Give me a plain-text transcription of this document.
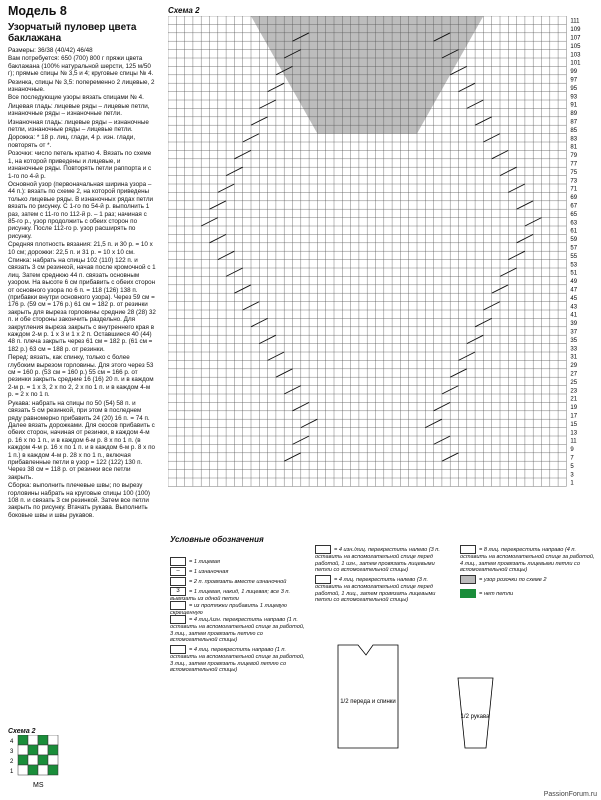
Модель 8
Узорчатый пуловер цвета баклажана
Размеры: 36/38 (40/42) 46/48
Вам потребуется: 650 (700) 800 г пряжи цвета баклажана (100% натуральной шерсти, 125 м/50 г); прямые спицы № 3,5 и 4; круговые спицы № 4.
Резинка, спицы № 3,5: попеременно 2 лицевые, 2 изнаночные.
Все последующие узоры вязать спицами № 4.
Лицевая гладь: лицевые ряды – лицевые петли, изнаночные ряды – изнаночные петли.
Изнаночная гладь: лицевые ряды – изнаночные петли, изнаночные ряды – лицевые петли.
Дорожка: * 18 р. лиц. глади, 4 р. изн. глади, повторять от *.
Розочки: число петель кратно 4. Вязать по схеме 1, на которой приведены и лицевые, и изнаночные ряды. Повторять петли раппорта и с 1-го по 4-й р.
Основной узор (первоначальная ширина узора – 44 п.): вязать по схеме 2, на которой приведены только лицевые ряды. В изнаночных рядах петли вязать по рисунку. С 1-го по 54-й р. выполнить 1 раз, затем с 11-го по 112-й р. – 1 раз; начиная с 85-го р., узор продолжить с обеих сторон по рисунку. После 112-го р. узор расширять по рисунку.
Средняя плотность вязания: 21,5 п. и 30 р. = 10 х 10 см; дорожки: 22,5 п. и 31 р. = 10 х 10 см.
Спинка: набрать на спицы 102 (110) 122 п. и связать 3 см резинкой, начав после кромочной с 1 лиц. Затем среднюю 44 п. связать основным узором. На высоте 6 см прибавить с обеих сторон от основного узора по 6 п. = 118 (126) 138 п. (прибавки внутри основного узора). Через 59 см = 176 р. (59 см = 176 р.) 61 см = 182 р. от резинки закрыть для выреза горловины средние 28 (28) 32 п. и обе стороны закончить раздельно. Для закругления выреза закрыть с внутреннего края в каждом 2-м р. 1 х 3 и 1 х 2 п. Оставшиеся 40 (44) 48 п. плеча закрыть через 61 см = 182 р. (61 см = 182 р.) 63 см = 188 р. от резинки.
Перед: вязать, как спинку, только с более глубоким вырезом горловины. Для этого через 53 см = 160 р. (53 см = 160 р.) 55 см = 166 р. от резинки закрыть средние 16 (16) 20 п. и в каждом 2-м р. = 1 х 3, 2 х по 2, 2 х по 1 п. и в каждом 4-м р. = 2 х по 1 п.
Рукава: набрать на спицы по 50 (54) 58 п. и связать 5 см резинкой, при этом в последнем ряду равномерно прибавить 24 (20) 16 п. = 74 п. Далее вязать дорожками. Для скосов прибавить с обеих сторон, начиная от резинки, в каждом 4-м р. 16 х по 1 п., и в каждом 6-м р. 8 х по 1 п. (в каждом 4-м р. 16 х по 1 п. и в каждом 6-м р. 8 х по 1 п.) в каждом 4-м р. 28 х по 1 п., включая прибавленные петли в узор = 122 (122) 130 п. Через 38 см = 118 р. от резинки все петли закрыть.
Сборка: выполнить плечевые швы; по вырезу горловины набрать на круговые спицы 100 (100) 108 п. и связать 3 см резинкой. Затем все петли закрыть по рисунку. Втачать рукава. Выполнить боковые швы и швы рукавов.
Схема 2
111
109
107
105
103
101
99
97
95
93
91
89
87
85
83
81
79
77
75
73
71
69
67
65
63
61
59
57
55
53
51
49
47
45
43
41
39
37
35
33
31
29
27
25
23
21
19
17
15
13
11
9
7
5
3
1
Условные обозначения
= 1 лицевая
– = 1 изнаночная
= 2 п. провязать вместе изнаночной
3 = 1 лицевая, накид, 1 лицевая; все 3 п. вывязать из одной петли
= из протяжки прибавить 1 лицевую скрещенную
= 4 лиц./изн. перекрестить направо (1 п. оставить на вспомогательной спице за работой, 3 лиц., затем провязать петлю со вспомогательной спицы)
= 4 лиц. перекрестить направо (1 п. оставить на вспомогательной спице за работой, 3 лиц., затем провязать лицевой петлю со вспомогательной спицы)
= 4 изн./лиц. перекрестить налево (3 п. оставить на вспомогательной спице перед работой, 1 изн., затем провязать лицевыми петли со вспомогательной спицы)
= 4 лиц. перекрестить налево (3 п. оставить на вспомогательной спице перед работой, 1 лиц., затем провязать лицевыми петли со вспомогательной спицы)
= 8 лиц. перекрестить направо (4 п. оставить на вспомогательной спице за работой, 4 лиц., затем провязать лицевыми петли со вспомогательной спицы)
= узор розочки по схеме 2
= нет петли
1/2 переда и спинки
1/2 рукава
Схема 2
4
3
2
1
MS
PassionForum.ru
